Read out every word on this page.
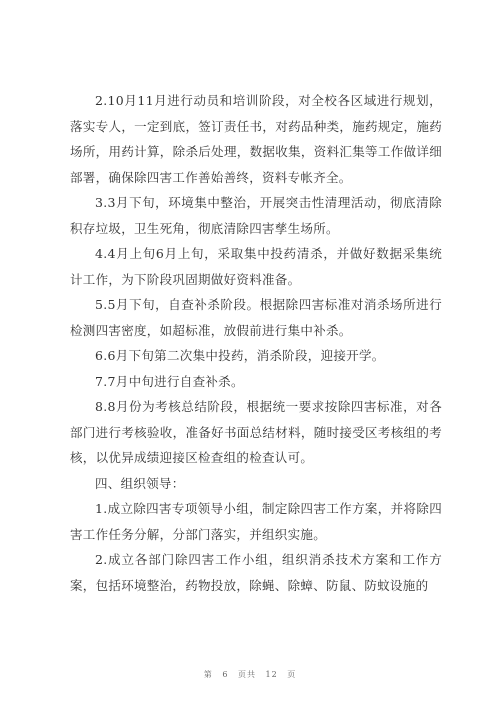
2.10月11月进行动员和培训阶段，对全校各区域进行规划，落实专人，一定到底，签订责任书，对药品种类，施药规定，施药场所，用药计算，除杀后处理，数据收集，资料汇集等工作做详细部署，确保除四害工作善始善终，资料专帐齐全。

3.3月下旬，环境集中整治，开展突击性清理活动，彻底清除积存垃圾，卫生死角，彻底清除四害孳生场所。

4.4月上旬6月上旬，采取集中投药清杀，并做好数据采集统计工作，为下阶段巩固期做好资料准备。

5.5月下旬，自查补杀阶段。根据除四害标准对消杀场所进行检测四害密度，如超标准，放假前进行集中补杀。

6.6月下旬第二次集中投药，消杀阶段，迎接开学。

7.7月中旬进行自查补杀。

8.8月份为考核总结阶段，根据统一要求按除四害标准，对各部门进行考核验收，准备好书面总结材料，随时接受区考核组的考核，以优异成绩迎接区检查组的检查认可。

四、组织领导：

1.成立除四害专项领导小组，制定除四害工作方案，并将除四害工作任务分解，分部门落实，并组织实施。

2.成立各部门除四害工作小组，组织消杀技术方案和工作方案，包括环境整治，药物投放，除蝇、除蟑、防鼠、防蚊设施的

第 6 页共 12 页
